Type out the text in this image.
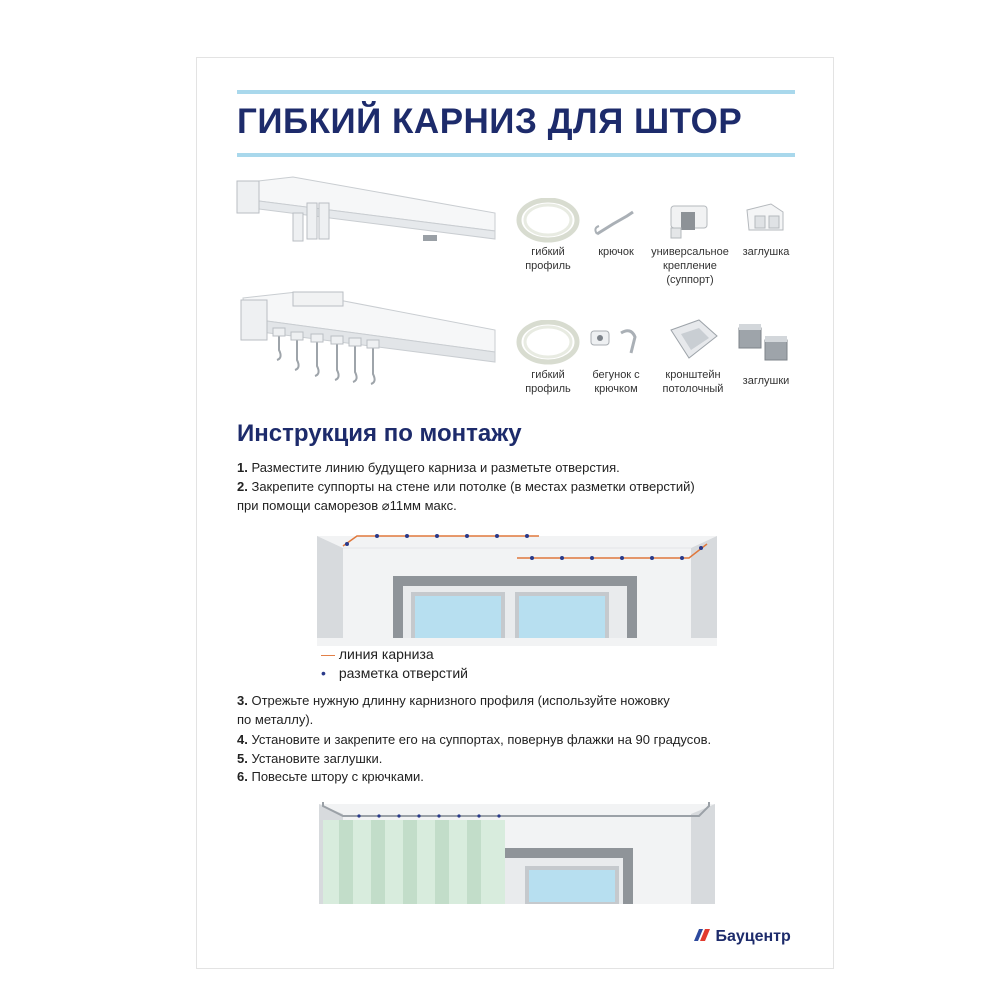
ГИБКИЙ КАРНИЗ ДЛЯ ШТОР
гибкий профиль
крючок	универсальное крепление (суппорт)
заглушка
гибкий профиль
бегунок с крючком
кронштейн потолочный
заглушки
Инструкция по монтажу
1. Разместите линию будущего карниза и разметьте отверстия.
2. Закрепите суппорты на стене или потолке (в местах разметки отверстий)
при помощи саморезов ⌀11мм макс.
— линия карниза
• разметка отверстий
3. Отрежьте нужную длинну карнизного профиля (используйте ножовку
по металлу).
4. Установите и закрепите его на суппортах, повернув флажки на 90 градусов.
5. Установите заглушки.
6. Повесьте штору с крючками.
Бауцентр
